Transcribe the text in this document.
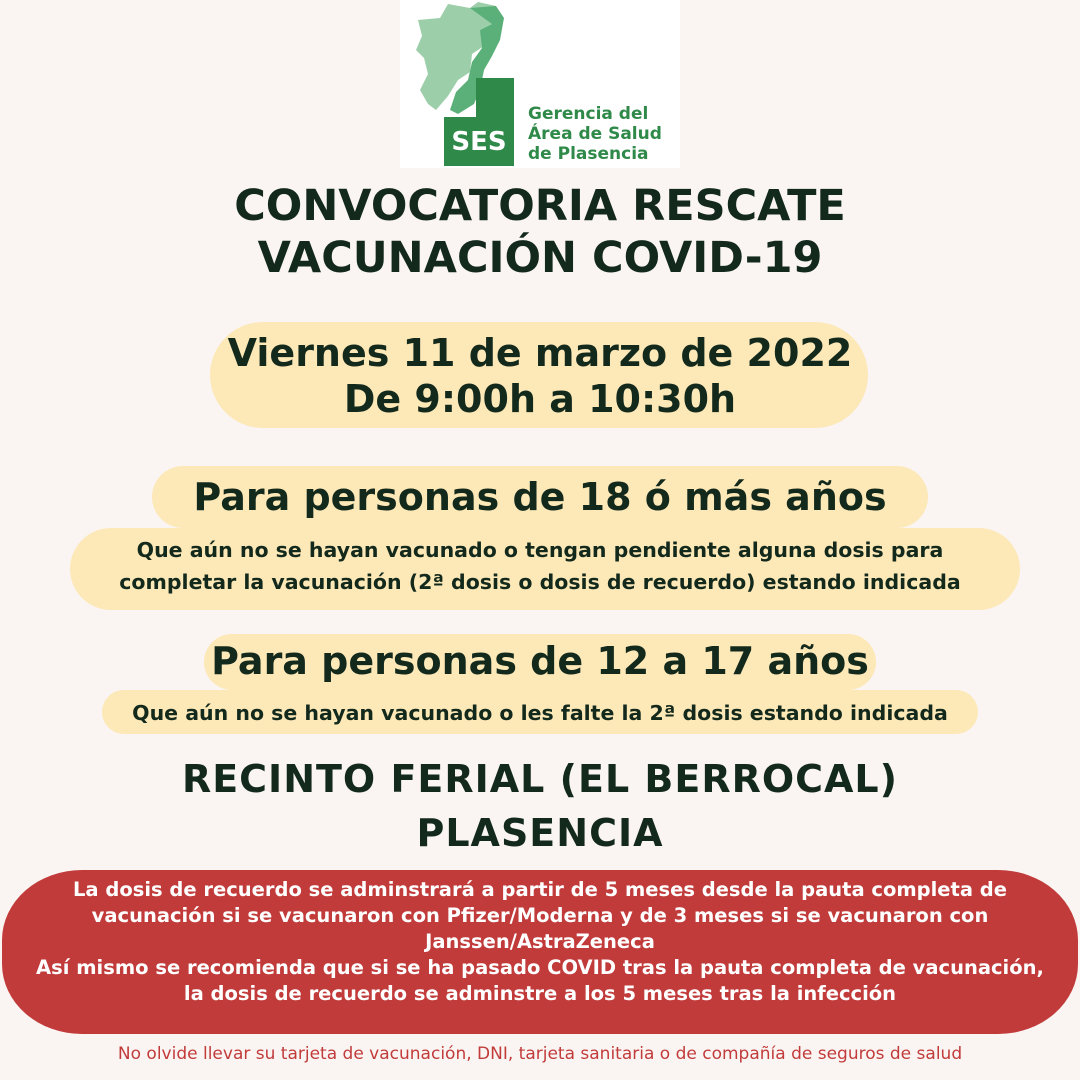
SES
Gerencia del
Área de Salud
de Plasencia
CONVOCATORIA RESCATE
VACUNACIÓN COVID-19
Viernes 11 de marzo de 2022
De 9:00h a 10:30h
Para personas de 18 ó más años
Que aún no se hayan vacunado o tengan pendiente alguna dosis para
completar la vacunación (2ª dosis o dosis de recuerdo) estando indicada
Para personas de 12 a 17 años
Que aún no se hayan vacunado o les falte la 2ª dosis estando indicada
RECINTO FERIAL (EL BERROCAL)
PLASENCIA
La dosis de recuerdo se adminstrará a partir de 5 meses desde la pauta completa de
vacunación si se vacunaron con Pfizer/Moderna y de 3 meses si se vacunaron con
Janssen/AstraZeneca
Así mismo se recomienda que si se ha pasado COVID tras la pauta completa de vacunación,
la dosis de recuerdo se adminstre a los 5 meses tras la infección
No olvide llevar su tarjeta de vacunación, DNI, tarjeta sanitaria o de compañía de seguros de salud
